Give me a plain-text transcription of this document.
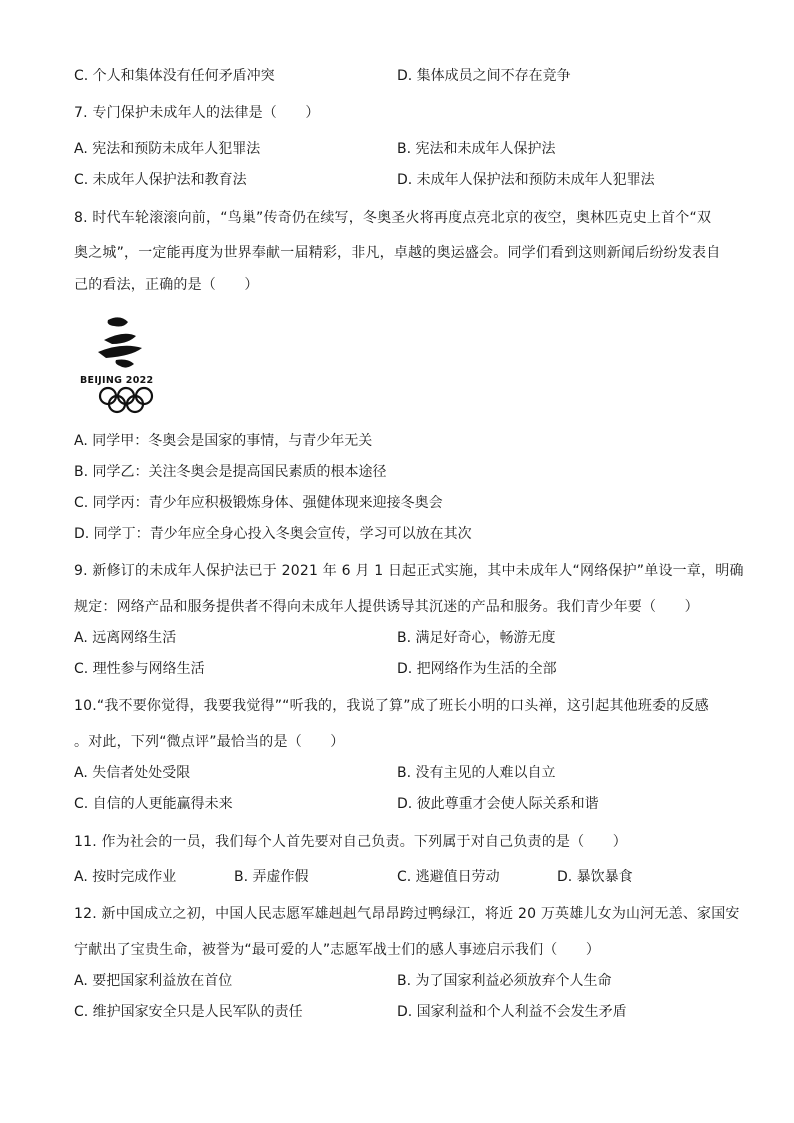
C. 个人和集体没有任何矛盾冲突	D. 集体成员之间不存在竞争
7. 专门保护未成年人的法律是（　　）
A. 宪法和预防未成年人犯罪法	B. 宪法和未成年人保护法
C. 未成年人保护法和教育法	D. 未成年人保护法和预防未成年人犯罪法
8. 时代车轮滚滚向前，“鸟巢”传奇仍在续写，冬奥圣火将再度点亮北京的夜空，奥林匹克史上首个“双
奥之城”，一定能再度为世界奉献一届精彩，非凡，卓越的奥运盛会。同学们看到这则新闻后纷纷发表自
己的看法，正确的是（　　）
BEIJING 2022
A. 同学甲：冬奥会是国家的事情，与青少年无关
B. 同学乙：关注冬奥会是提高国民素质的根本途径
C. 同学丙：青少年应积极锻炼身体、强健体现来迎接冬奥会
D. 同学丁：青少年应全身心投入冬奥会宣传，学习可以放在其次
9. 新修订的未成年人保护法已于 2021 年 6 月 1 日起正式实施，其中未成年人“网络保护”单设一章，明确
规定：网络产品和服务提供者不得向未成年人提供诱导其沉迷的产品和服务。我们青少年要（　　）
A. 远离网络生活	B. 满足好奇心，畅游无度
C. 理性参与网络生活	D. 把网络作为生活的全部
10.“我不要你觉得，我要我觉得”“听我的，我说了算”成了班长小明的口头禅，这引起其他班委的反感
。对此，下列“微点评”最恰当的是（　　）
A. 失信者处处受限	B. 没有主见的人难以自立
C. 自信的人更能赢得未来	D. 彼此尊重才会使人际关系和谐
11. 作为社会的一员，我们每个人首先要对自己负责。下列属于对自己负责的是（　　）
A. 按时完成作业	B. 弄虚作假	C. 逃避值日劳动	D. 暴饮暴食
12. 新中国成立之初，中国人民志愿军雄赳赳气昂昂跨过鸭绿江，将近 20 万英雄儿女为山河无恙、家国安
宁献出了宝贵生命，被誉为“最可爱的人”志愿军战士们的感人事迹启示我们（　　）
A. 要把国家利益放在首位	B. 为了国家利益必须放弃个人生命
C. 维护国家安全只是人民军队的责任	D. 国家利益和个人利益不会发生矛盾
